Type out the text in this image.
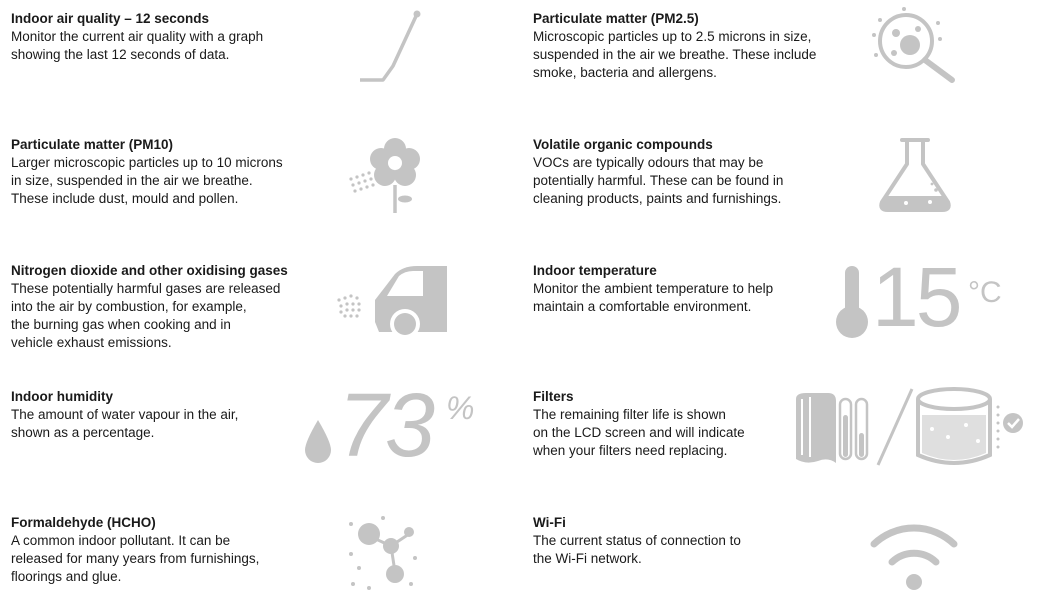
Indoor air quality – 12 seconds

Monitor the current air quality with a graph

showing the last 12 seconds of data.

Particulate matter (PM2.5)

Microscopic particles up to 2.5 microns in size,

suspended in the air we breathe. These include

smoke, bacteria and allergens.

Particulate matter (PM10)

Larger microscopic particles up to 10 microns

in size, suspended in the air we breathe.

These include dust, mould and pollen.

Volatile organic compounds

VOCs are typically odours that may be

potentially harmful. These can be found in

cleaning products, paints and furnishings.

Nitrogen dioxide and other oxidising gases

These potentially harmful gases are released

into the air by combustion, for example,

the burning gas when cooking and in

vehicle exhaust emissions.

Indoor temperature

Monitor the ambient temperature to help

maintain a comfortable environment.	15 °C
Indoor humidity

The amount of water vapour in the air,

shown as a percentage.	73 %	Filters

The remaining filter life is shown

on the LCD screen and will indicate

when your filters need replacing.

Formaldehyde (HCHO)

A common indoor pollutant. It can be

released for many years from furnishings,

floorings and glue.

Wi-Fi

The current status of connection to

the Wi-Fi network.
